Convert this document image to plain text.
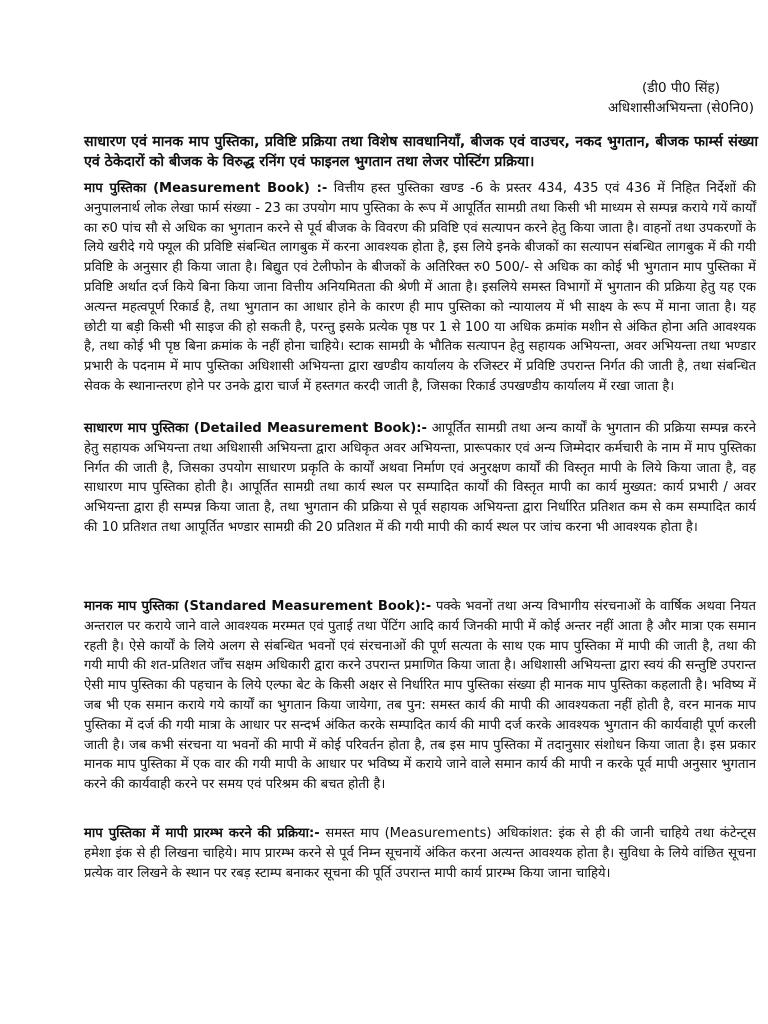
(डी0 पी0 सिंह)
अधिशासीअभियन्ता (से0नि0)
साधारण एवं मानक माप पुस्तिका, प्रविष्टि प्रक्रिया तथा विशेष सावधानियाँ, बीजक एवं वाउचर, नकद भुगतान, बीजक फार्म्स संख्या एवं ठेकेदारों को बीजक के विरुद्ध रनिंग एवं फाइनल भुगतान तथा लेजर पोस्टिंग प्रक्रिया।

माप पुस्तिका (Measurement Book) :- वित्तीय हस्त पुस्तिका खण्ड -6 के प्रस्तर 434, 435 एवं 436 में निहित निर्देशों की अनुपालनार्थ लोक लेखा फार्म संख्या - 23 का उपयोग माप पुस्तिका के रूप में आपूर्तित सामग्री तथा किसी भी माध्यम से सम्पन्न कराये गयें कार्यों का रु0 पांच सौ से अधिक का भुगतान करने से पूर्व बीजक के विवरण की प्रविष्टि एवं सत्यापन करने हेतु किया जाता है। वाहनों तथा उपकरणों के लिये खरीदे गये फ्यूल की प्रविष्टि संबन्धित लागबुक में करना आवश्यक होता है, इस लिये इनके बीजकों का सत्यापन संबन्धित लागबुक में की गयी प्रविष्टि के अनुसार ही किया जाता है। बिद्युत एवं टेलीफोन के बीजकों के अतिरिक्त रु0 500/- से अधिक का कोई भी भुगतान माप पुस्तिका में प्रविष्टि अर्थात दर्ज किये बिना किया जाना वित्तीय अनियमितता की श्रेणी में आता है। इसलिये समस्त विभागों में भुगतान की प्रक्रिया हेतु यह एक अत्यन्त महत्वपूर्ण रिकार्ड है, तथा भुगतान का आधार होने के कारण ही माप पुस्तिका को न्यायालय में भी साक्ष्य के रूप में माना जाता है। यह छोटी या बड़ी किसी भी साइज की हो सकती है, परन्तु इसके प्रत्येक पृष्ठ पर 1 से 100 या अधिक क्रमांक मशीन से अंकित होना अति आवश्यक है, तथा कोई भी पृष्ठ बिना क्रमांक के नहीं होना चाहिये। स्टाक सामग्री के भौतिक सत्यापन हेतु सहायक अभियन्ता, अवर अभियन्ता तथा भण्डार प्रभारी के पदनाम में माप पुस्तिका अधिशासी अभियन्ता द्वारा खण्डीय कार्यालय के रजिस्टर में प्रविष्टि उपरान्त निर्गत की जाती है, तथा संबन्धित सेवक के स्थानान्तरण होने पर उनके द्वारा चार्ज में हस्तगत करदी जाती है, जिसका रिकार्ड उपखण्डीय कार्यालय में रखा जाता है।

साधारण माप पुस्तिका (Detailed Measurement Book):- आपूर्तित सामग्री तथा अन्य कार्यों के भुगतान की प्रक्रिया सम्पन्न करने हेतु सहायक अभियन्ता तथा अधिशासी अभियन्ता द्वारा अधिकृत अवर अभियन्ता, प्रारूपकार एवं अन्य जिम्मेदार कर्मचारी के नाम में माप पुस्तिका निर्गत की जाती है, जिसका उपयोग साधारण प्रकृति के कार्यों अथवा निर्माण एवं अनुरक्षण कार्यों की विस्तृत मापी के लिये किया जाता है, वह साधारण माप पुस्तिका होती है। आपूर्तित सामग्री तथा कार्य स्थल पर सम्पादित कार्यों की विस्तृत मापी का कार्य मुख्यत: कार्य प्रभारी / अवर अभियन्ता द्वारा ही सम्पन्न किया जाता है, तथा भुगतान की प्रक्रिया से पूर्व सहायक अभियन्ता द्वारा निर्धारित प्रतिशत कम से कम सम्पादित कार्य की 10 प्रतिशत तथा आपूर्तित भण्डार सामग्री की 20 प्रतिशत में की गयी मापी की कार्य स्थल पर जांच करना भी आवश्यक होता है।

मानक माप पुस्तिका (Standared Measurement Book):- पक्के भवनों तथा अन्य विभागीय संरचनाओं के वार्षिक अथवा नियत अन्तराल पर कराये जाने वाले आवश्यक मरम्मत एवं पुताई तथा पेंटिंग आदि कार्य जिनकी मापी में कोई अन्तर नहीं आता है और मात्रा एक समान रहती है। ऐसे कार्यों के लिये अलग से संबन्धित भवनों एवं संरचनाओं की पूर्ण सत्यता के साथ एक माप पुस्तिका में मापी की जाती है, तथा की गयी मापी की शत-प्रतिशत जाँच सक्षम अधिकारी द्वारा करने उपरान्त प्रमाणित किया जाता है। अधिशासी अभियन्ता द्वारा स्वयं की सन्तुष्टि उपरान्त ऐसी माप पुस्तिका की पहचान के लिये एल्फा बेट के किसी अक्षर से निर्धारित माप पुस्तिका संख्या ही मानक माप पुस्तिका कहलाती है। भविष्य में जब भी एक समान कराये गये कार्यों का भुगतान किया जायेगा, तब पुन: समस्त कार्य की मापी की आवश्यकता नहीं होती है, वरन मानक माप पुस्तिका में दर्ज की गयी मात्रा के आधार पर सन्दर्भ अंकित करके सम्पादित कार्य की मापी दर्ज करके आवश्यक भुगतान की कार्यवाही पूर्ण करली जाती है। जब कभी संरचना या भवनों की मापी में कोई परिवर्तन होता है, तब इस माप पुस्तिका में तदानुसार संशोधन किया जाता है। इस प्रकार मानक माप पुस्तिका में एक वार की गयी मापी के आधार पर भविष्य में कराये जाने वाले समान कार्य की मापी न करके पूर्व मापी अनुसार भुगतान करने की कार्यवाही करने पर समय एवं परिश्रम की बचत होती है।

माप पुस्तिका में मापी प्रारम्भ करने की प्रक्रिया:- समस्त माप (Measurements) अधिकांशत: इंक से ही की जानी चाहिये तथा कंटेन्ट्स हमेशा इंक से ही लिखना चाहिये। माप प्रारम्भ करने से पूर्व निम्न सूचनायें अंकित करना अत्यन्त आवश्यक होता है। सुविधा के लिये वांछित सूचना प्रत्येक वार लिखने के स्थान पर रबड़ स्टाम्प बनाकर सूचना की पूर्ति उपरान्त मापी कार्य प्रारम्भ किया जाना चाहिये।
